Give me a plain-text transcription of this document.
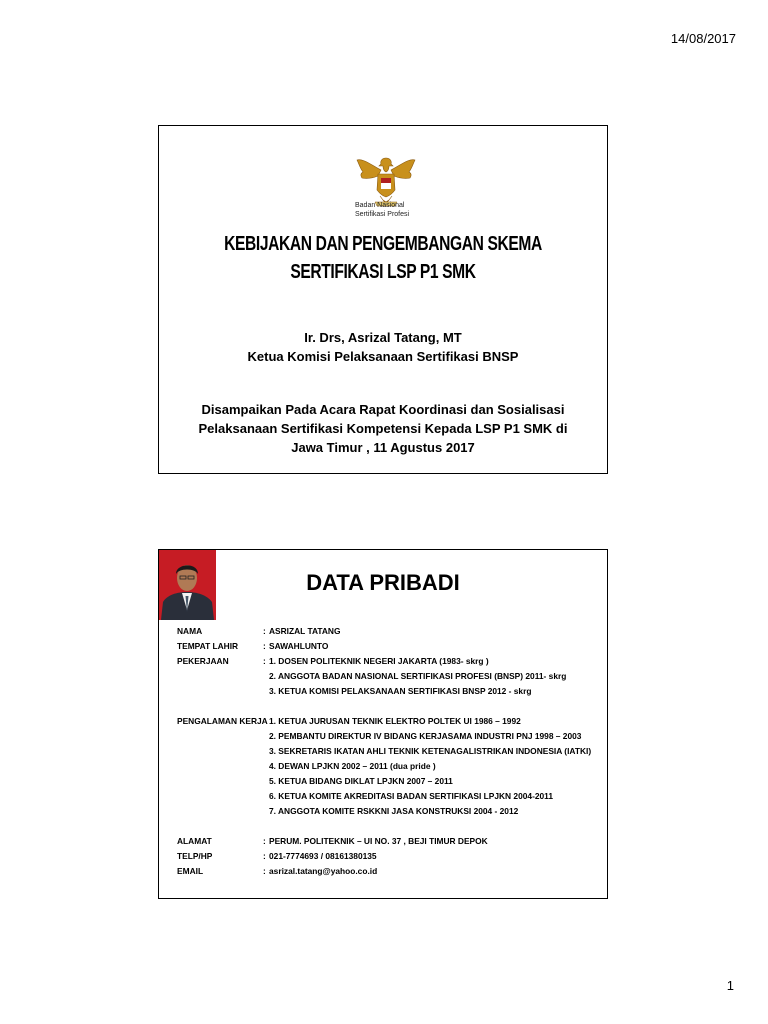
14/08/2017
Badan Nasional
Sertifikasi Profesi
KEBIJAKAN DAN PENGEMBANGAN SKEMA
SERTIFIKASI LSP P1 SMK
Ir. Drs, Asrizal Tatang, MT
Ketua Komisi Pelaksanaan Sertifikasi BNSP
Disampaikan Pada Acara Rapat Koordinasi dan Sosialisasi
Pelaksanaan Sertifikasi Kompetensi Kepada LSP P1 SMK di
Jawa Timur , 11 Agustus 2017
DATA PRIBADI
NAMA	: ASRIZAL TATANG
TEMPAT LAHIR	: SAWAHLUNTO
PEKERJAAN	: 1. DOSEN POLITEKNIK NEGERI JAKARTA (1983- skrg )
2. ANGGOTA BADAN NASIONAL SERTIFIKASI PROFESI (BNSP) 2011- skrg
3. KETUA KOMISI PELAKSANAAN SERTIFIKASI BNSP 2012 - skrg
PENGALAMAN KERJA 1. KETUA JURUSAN TEKNIK ELEKTRO POLTEK UI 1986 – 1992
2. PEMBANTU DIREKTUR IV BIDANG KERJASAMA INDUSTRI PNJ 1998 – 2003
3. SEKRETARIS IKATAN AHLI TEKNIK KETENAGALISTRIKAN INDONESIA (IATKI)
4. DEWAN LPJKN 2002 – 2011 (dua pride )
5. KETUA BIDANG DIKLAT LPJKN 2007 – 2011
6. KETUA KOMITE AKREDITASI BADAN SERTIFIKASI LPJKN 2004-2011
7. ANGGOTA KOMITE RSKKNI JASA KONSTRUKSI 2004 - 2012
ALAMAT	: PERUM. POLITEKNIK – UI NO. 37 , BEJI TIMUR DEPOK
TELP/HP	: 021-7774693 / 08161380135
EMAIL	: asrizal.tatang@yahoo.co.id
1
